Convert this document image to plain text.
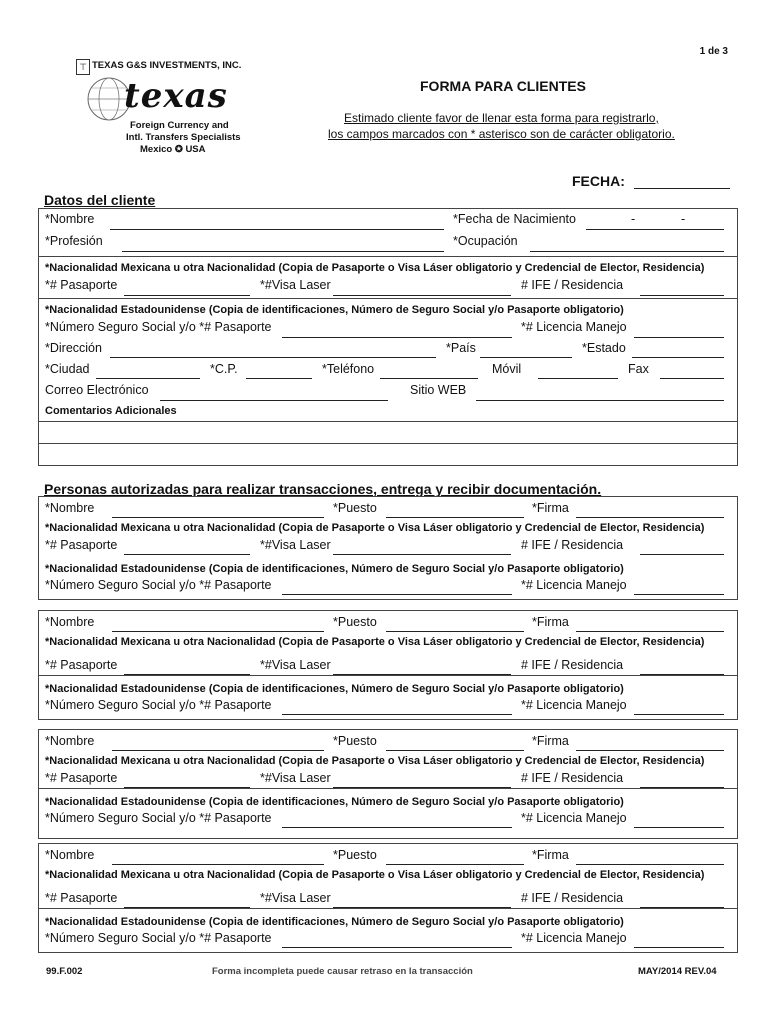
1 de 3
⊤ TEXAS G&S INVESTMENTS, INC.
texas
Foreign Currency and
Intl. Transfers Specialists
Mexico ✪ USA
FORMA PARA CLIENTES
Estimado cliente favor de llenar esta forma para registrarlo,
los campos marcados con * asterisco son de carácter obligatorio.
FECHA:
Datos del cliente
*Nombre	*Fecha de Nacimiento	-	-
*Profesión	*Ocupación
*Nacionalidad Mexicana u otra Nacionalidad (Copia de Pasaporte o Visa Láser obligatorio y Credencial de Elector, Residencia)
*# Pasaporte	*#Visa Laser	# IFE / Residencia
*Nacionalidad Estadounidense (Copia de identificaciones, Número de Seguro Social y/o Pasaporte obligatorio)
*Número Seguro Social y/o *# Pasaporte	*# Licencia Manejo
*Dirección	*País	*Estado
*Ciudad	*C.P.	*Teléfono	Móvil	Fax
Correo Electrónico	Sitio WEB
Comentarios Adicionales
Personas autorizadas para realizar transacciones, entrega y recibir documentación.
*Nombre	*Puesto	*Firma
*Nacionalidad Mexicana u otra Nacionalidad (Copia de Pasaporte o Visa Láser obligatorio y Credencial de Elector, Residencia)
*# Pasaporte	*#Visa Laser	# IFE / Residencia
*Nacionalidad Estadounidense (Copia de identificaciones, Número de Seguro Social y/o Pasaporte obligatorio)
*Número Seguro Social y/o *# Pasaporte	*# Licencia Manejo
*Nombre	*Puesto	*Firma
*Nacionalidad Mexicana u otra Nacionalidad (Copia de Pasaporte o Visa Láser obligatorio y Credencial de Elector, Residencia)
*# Pasaporte	*#Visa Laser	# IFE / Residencia
*Nacionalidad Estadounidense (Copia de identificaciones, Número de Seguro Social y/o Pasaporte obligatorio)
*Número Seguro Social y/o *# Pasaporte	*# Licencia Manejo
*Nombre	*Puesto	*Firma
*Nacionalidad Mexicana u otra Nacionalidad (Copia de Pasaporte o Visa Láser obligatorio y Credencial de Elector, Residencia)
*# Pasaporte	*#Visa Laser	# IFE / Residencia
*Nacionalidad Estadounidense (Copia de identificaciones, Número de Seguro Social y/o Pasaporte obligatorio)
*Número Seguro Social y/o *# Pasaporte	*# Licencia Manejo
*Nombre	*Puesto	*Firma
*Nacionalidad Mexicana u otra Nacionalidad (Copia de Pasaporte o Visa Láser obligatorio y Credencial de Elector, Residencia)
*# Pasaporte	*#Visa Laser	# IFE / Residencia
*Nacionalidad Estadounidense (Copia de identificaciones, Número de Seguro Social y/o Pasaporte obligatorio)
*Número Seguro Social y/o *# Pasaporte	*# Licencia Manejo
99.F.002	Forma incompleta puede causar retraso en la transacción	MAY/2014 REV.04
